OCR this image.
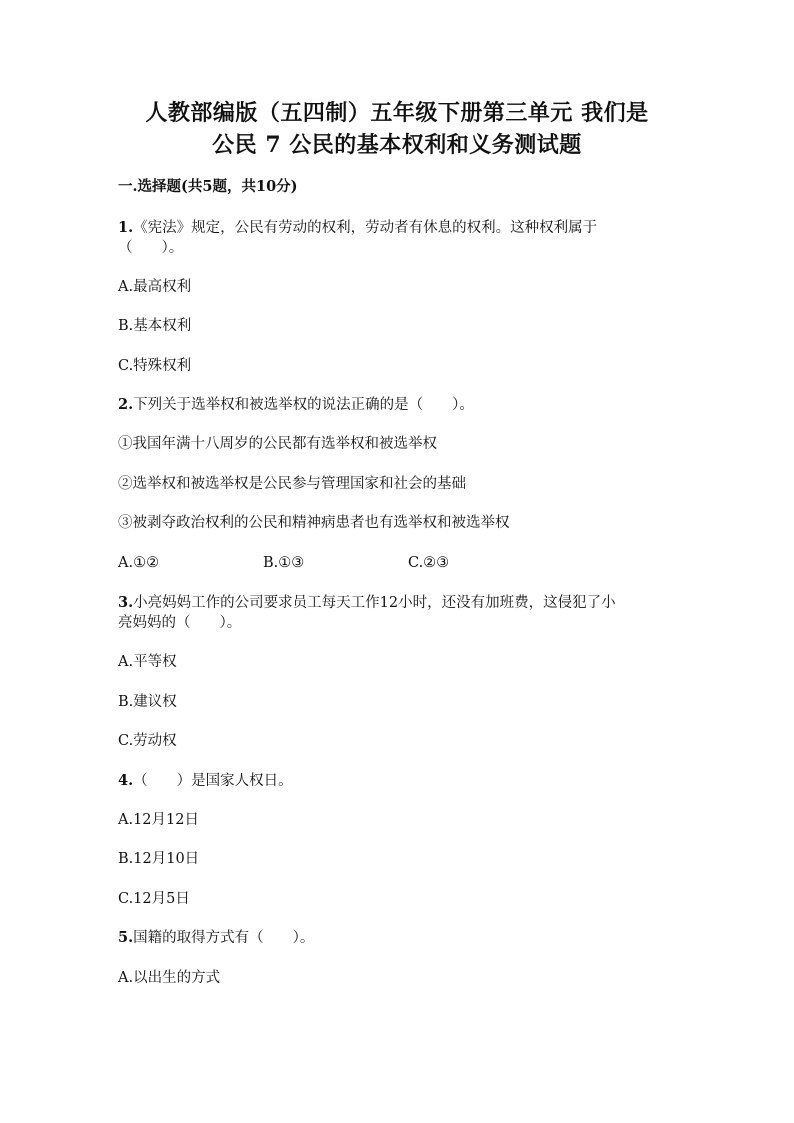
人教部编版（五四制）五年级下册第三单元 我们是
公民 7 公民的基本权利和义务测试题

一.选择题(共5题，共10分)

1.《宪法》规定，公民有劳动的权利，劳动者有休息的权利。这种权利属于

（　　）。

A.最高权利

B.基本权利

C.特殊权利

2.下列关于选举权和被选举权的说法正确的是（　　）。

①我国年满十八周岁的公民都有选举权和被选举权

②选举权和被选举权是公民参与管理国家和社会的基础

③被剥夺政治权利的公民和精神病患者也有选举权和被选举权

A.①②	B.①③	C.②③

3.小亮妈妈工作的公司要求员工每天工作12小时，还没有加班费，这侵犯了小

亮妈妈的（　　）。

A.平等权

B.建议权

C.劳动权

4.（　　）是国家人权日。

A.12月12日

B.12月10日

C.12月5日

5.国籍的取得方式有（　　）。

A.以出生的方式
